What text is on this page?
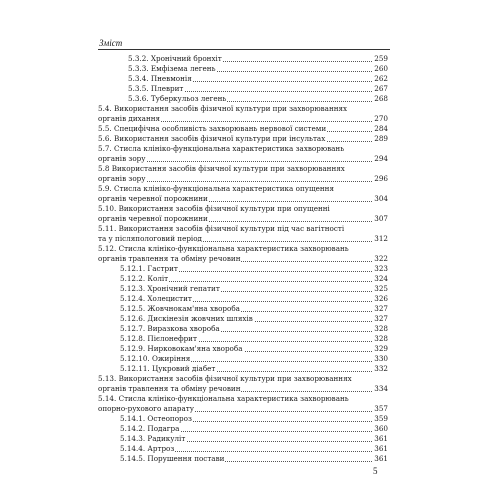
Зміст
5.3.2. Хронічний бронхіт	259
5.3.3. Емфізема легень	260
5.3.4. Пневмонія	262
5.3.5. Плеврит	267
5.3.6. Туберкульоз легень	268
5.4. Використання засобів фізичної культури при захворюваннях
органів дихання	270
5.5. Специфічна особливість захворювань нервової системи	284
5.6. Використання засобів фізичної культури при інсультах	289
5.7. Стисла клініко-функціональна характеристика захворювань
органів зору	294
5.8 Використання засобів фізичної культури при захворюваннях
органів зору	296
5.9. Стисла клініко-функціональна характеристика опущення
органів черевної порожнини	304
5.10. Використання засобів фізичної культури при опущенні
органів черевної порожнини	307
5.11. Використання засобів фізичної культури під час вагітності
та у післяпологовий період	312
5.12. Стисла клініко-функціональна характеристика захворювань
органів травлення та обміну речовин	322
5.12.1. Гастрит	323
5.12.2. Коліт	324
5.12.3. Хронічний гепатит	325
5.12.4. Холецистит	326
5.12.5. Жовчнокам'яна хвороба	327
5.12.6. Дискінезія жовчних шляхів	327
5.12.7. Виразкова хвороба	328
5.12.8. Пієлонефрит	328
5.12.9. Нирковокам'яна хвороба	329
5.12.10. Ожиріння	330
5.12.11. Цукровий діабет	332
5.13. Використання засобів фізичної культури при захворюваннях
органів травлення та обміну речовин	334
5.14. Стисла клініко-функціональна характеристика захворювань
опорно-рухового апарату	357
5.14.1. Остеопороз	359
5.14.2. Подагра	360
5.14.3. Радикуліт	361
5.14.4. Артроз	361
5.14.5. Порушення постави	361
5
